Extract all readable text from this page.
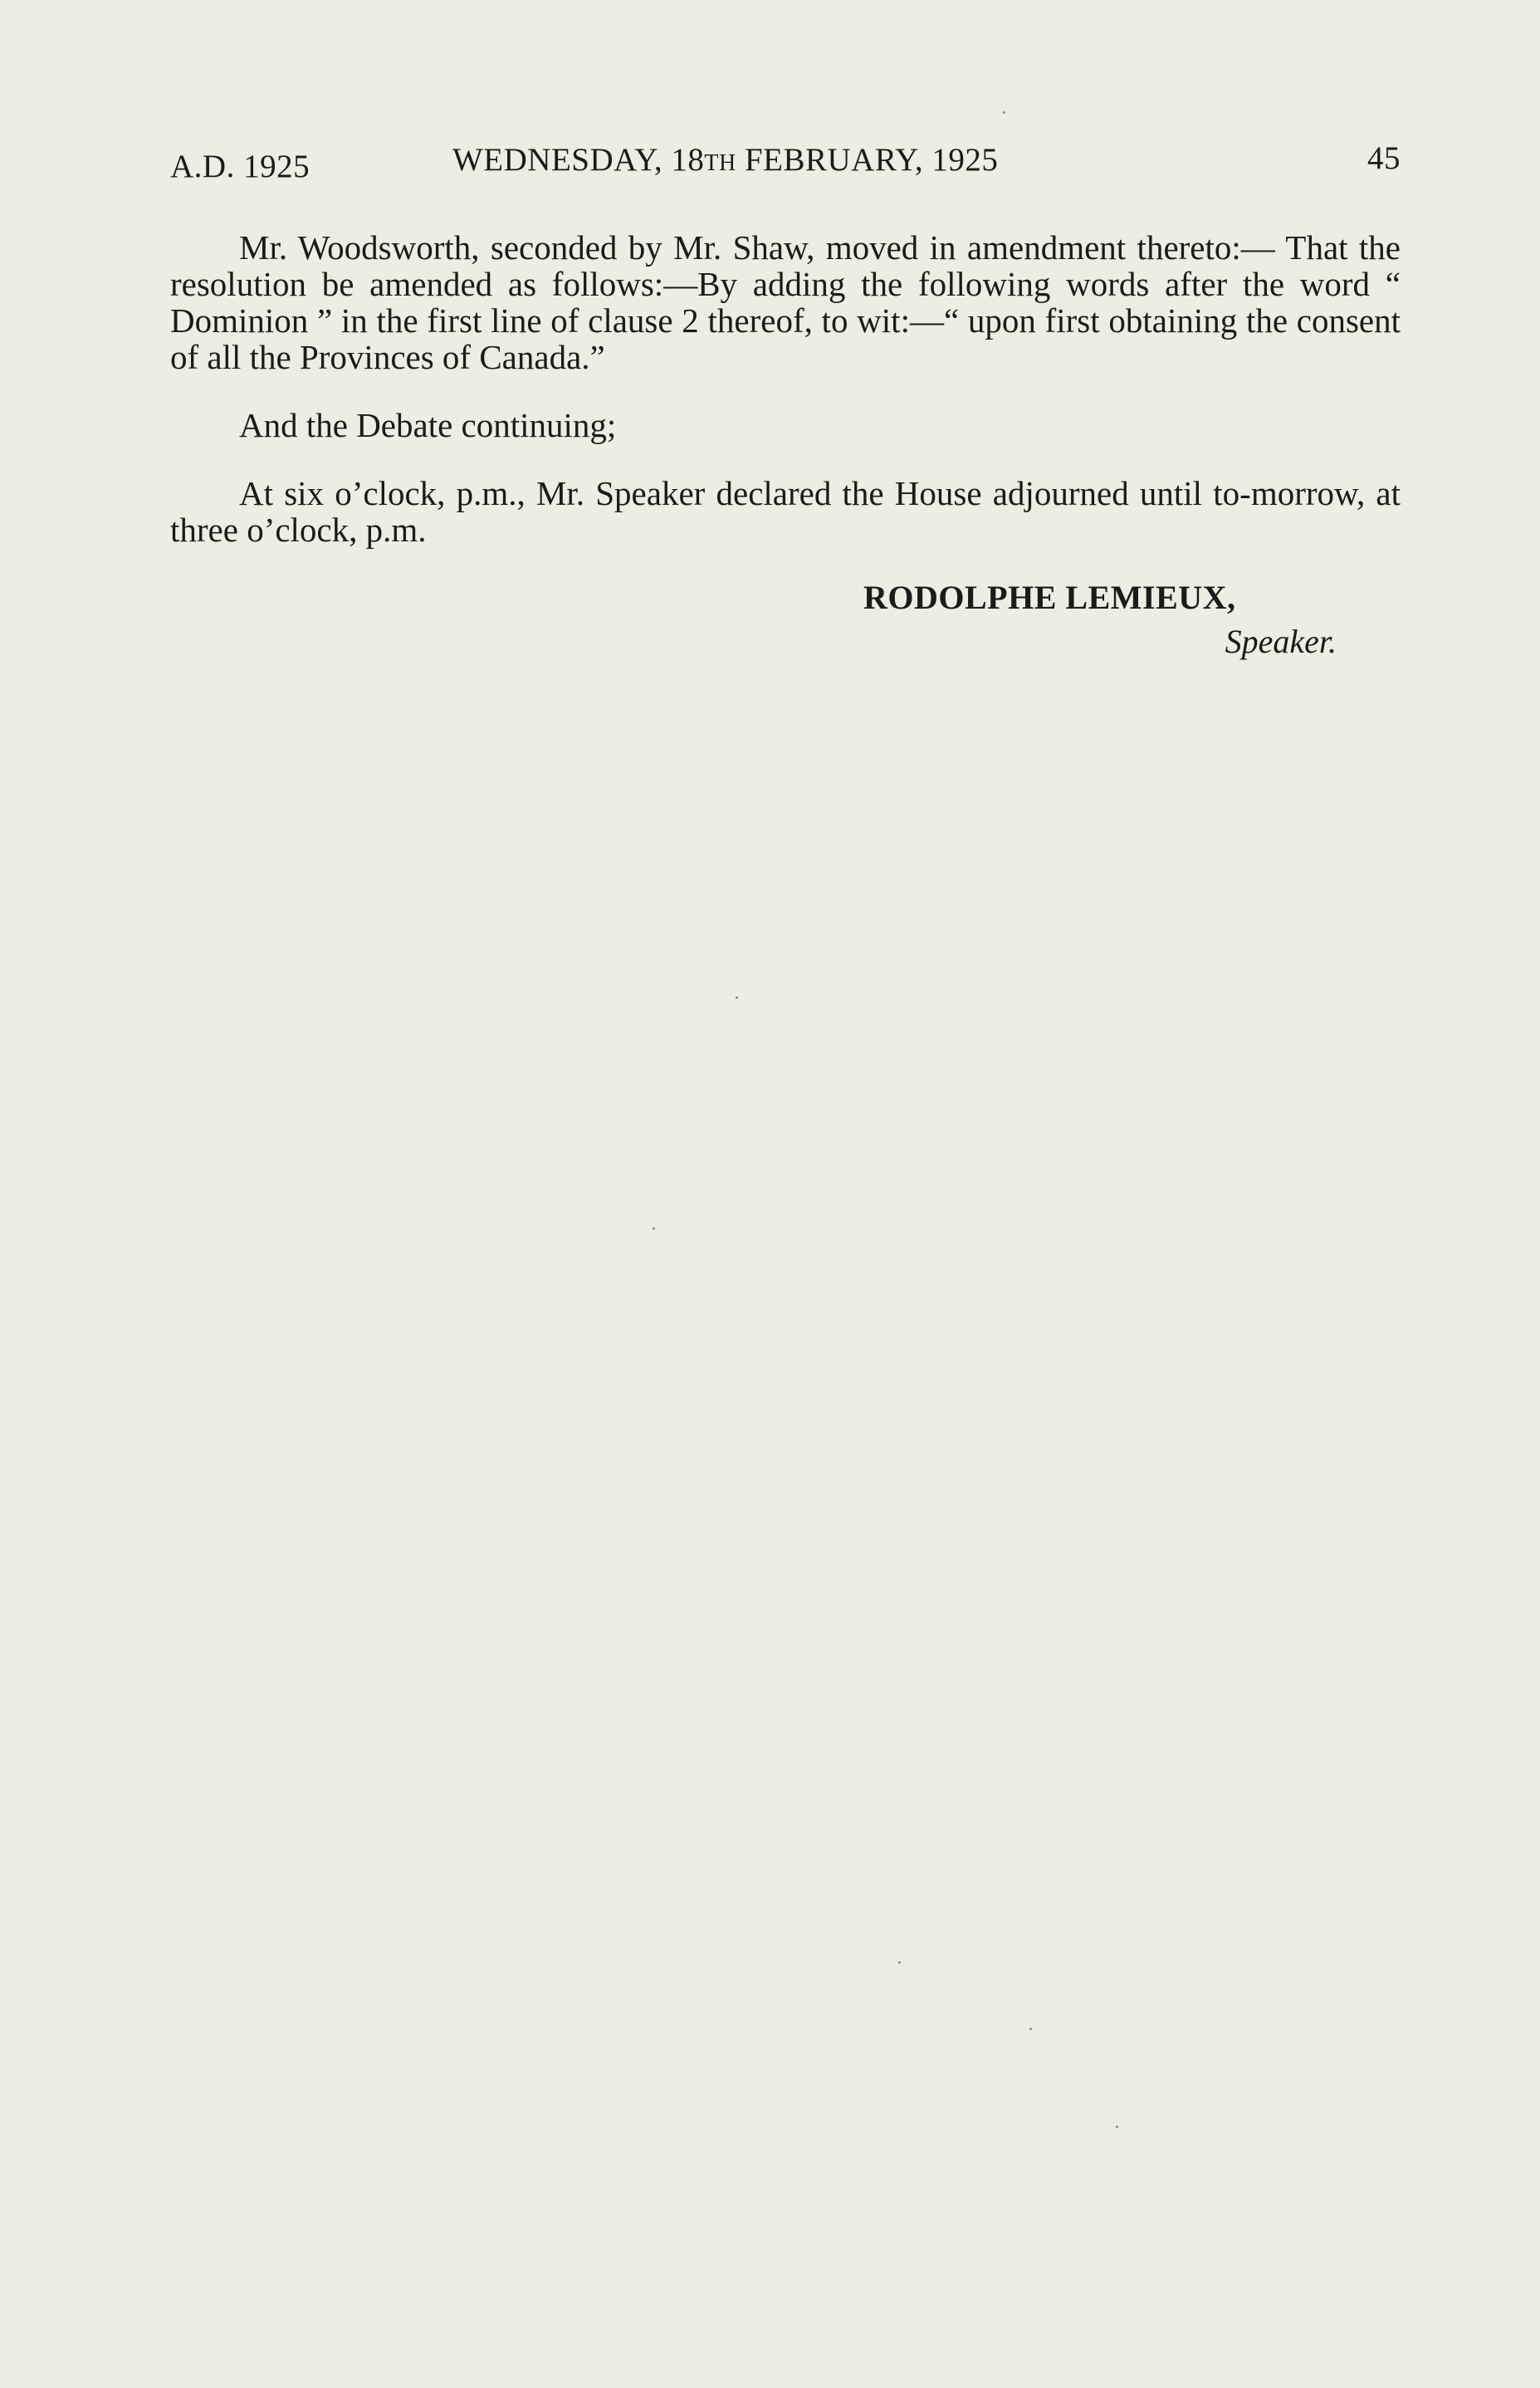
A.D. 1925	WEDNESDAY, 18TH FEBRUARY, 1925	45

Mr. Woodsworth, seconded by Mr. Shaw, moved in amendment thereto:— That the resolution be amended as follows:—By adding the following words after the word “ Dominion ” in the first line of clause 2 thereof, to wit:—“ upon first obtaining the consent of all the Provinces of Canada.”

And the Debate continuing;

At six o’clock, p.m., Mr. Speaker declared the House adjourned until to-morrow, at three o’clock, p.m.

RODOLPHE LEMIEUX,
Speaker.
